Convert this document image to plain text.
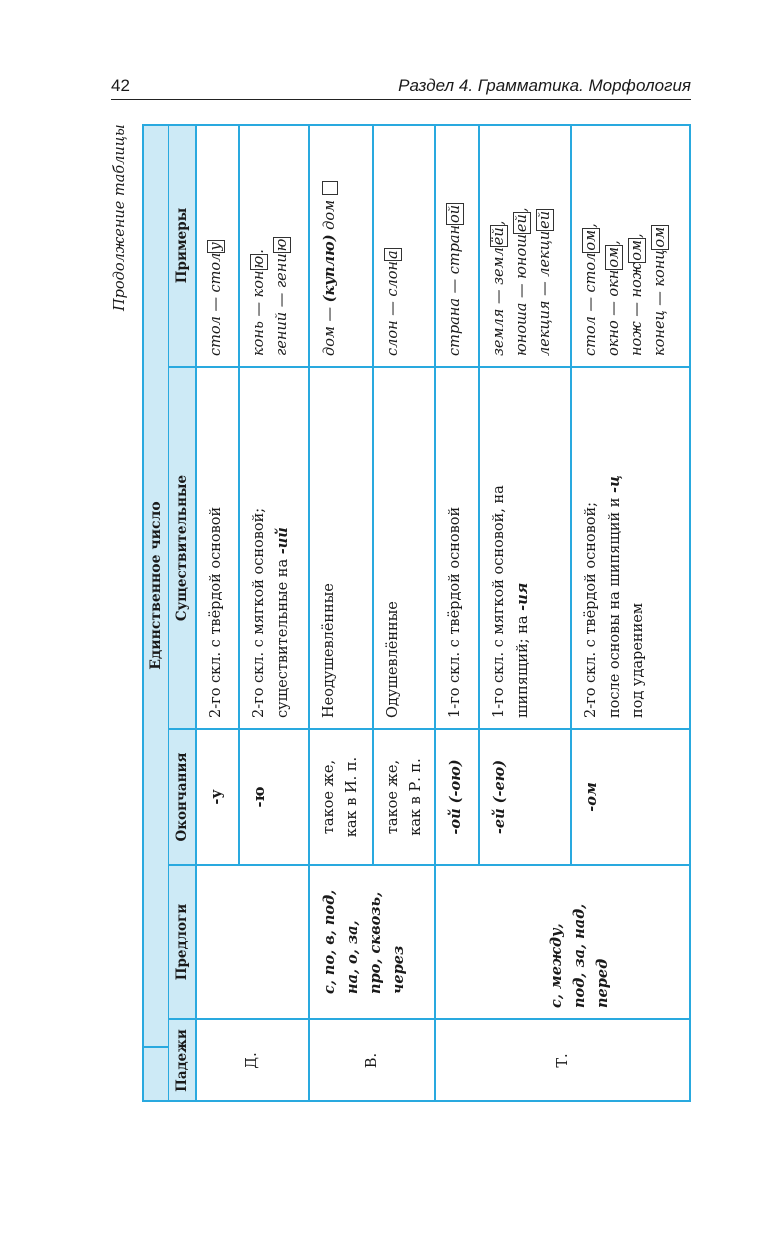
42	Раздел 4. Грамматика. Морфология
Продолжение таблицы
Единственное число
Падежи
Предлоги
Окончания
Существительные
Примеры
Д.
-у
2-го скл. с твёрдой основой
стол — столу
-ю
2-го скл. с мягкой основой; существительные на -ий
конь — коню.
гений — гению
В.
с, по, в, под, на, о, за, про, сквозь, через
такое же, как в И. п.
Неодушевлённые
дом — (куплю) дом
такое же, как в Р. п.
Одушевлённые
слон — слона
Т.
с, между, под, за, над, перед
-ой (-ою)
1-го скл. с твёрдой основой
страна — страной
-ей (-ею)
1-го скл. с мягкой основой, на шипящий; на -ия
земля — землёй,
юноша — юношей,
лекция — лекцией
-ом
2-го скл. с твёрдой основой; после основы на шипящий и -ц
под ударением
стол — столом,
окно — окном,
нож — ножом,
конец — концом
